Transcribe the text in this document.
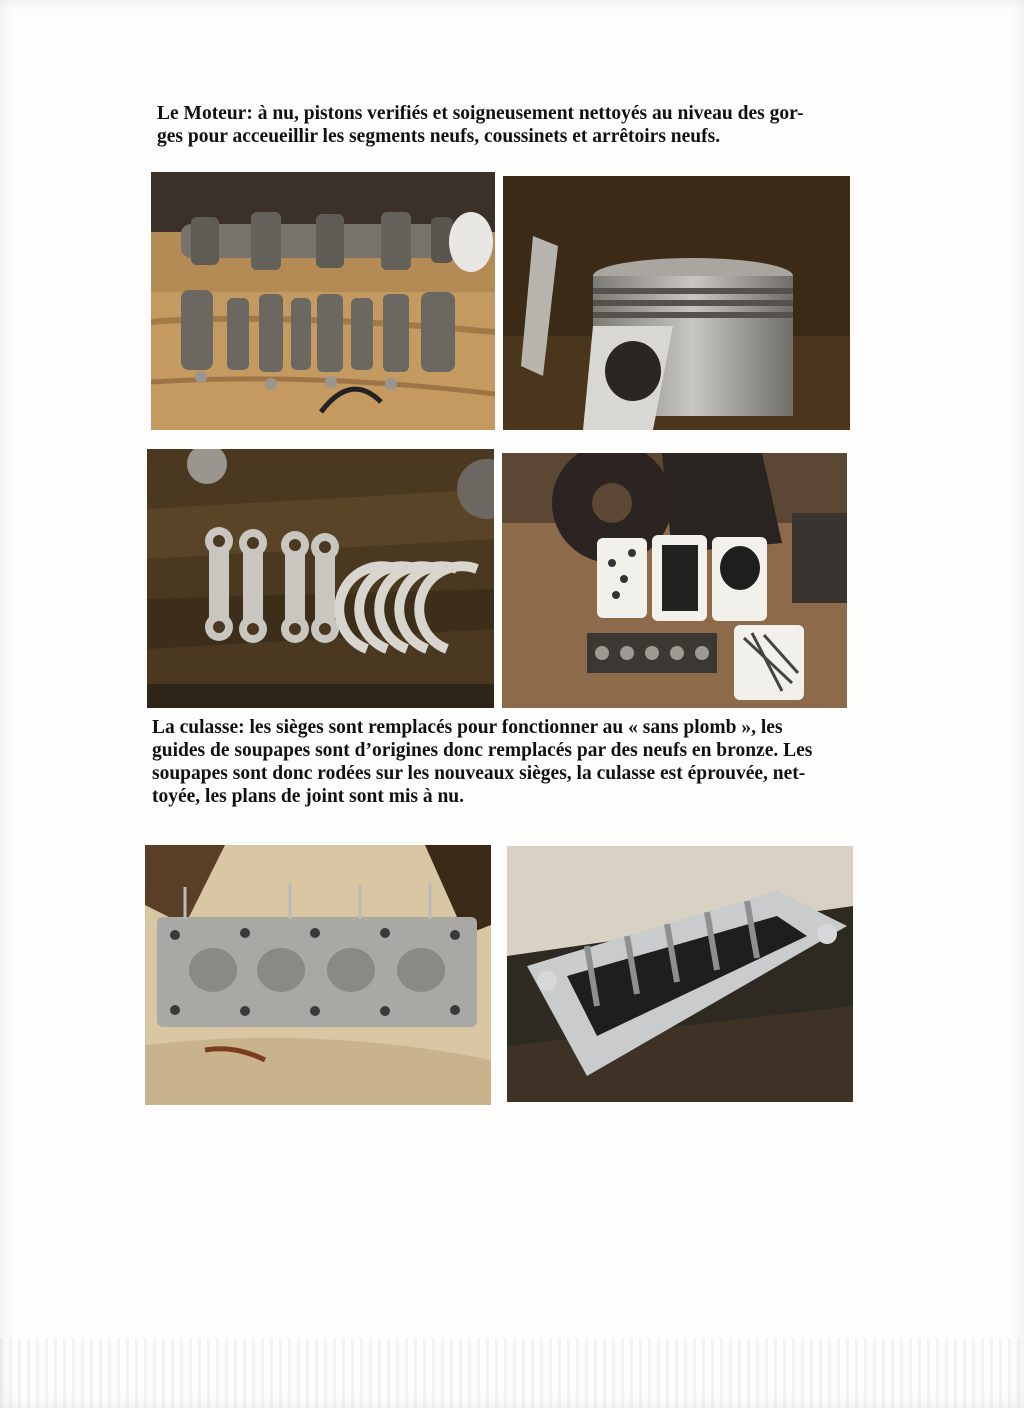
Le Moteur: à nu, pistons verifiés et soigneusement nettoyés au niveau des gor-
ges pour acceueillir les segments neufs, coussinets et arrêtoirs neufs.

La culasse: les sièges sont remplacés pour fonctionner au « sans plomb », les
guides de soupapes sont d’origines donc remplacés par des neufs en bronze. Les
soupapes sont donc rodées sur les nouveaux sièges, la culasse est éprouvée, net-
toyée, les plans de joint sont mis à nu.
